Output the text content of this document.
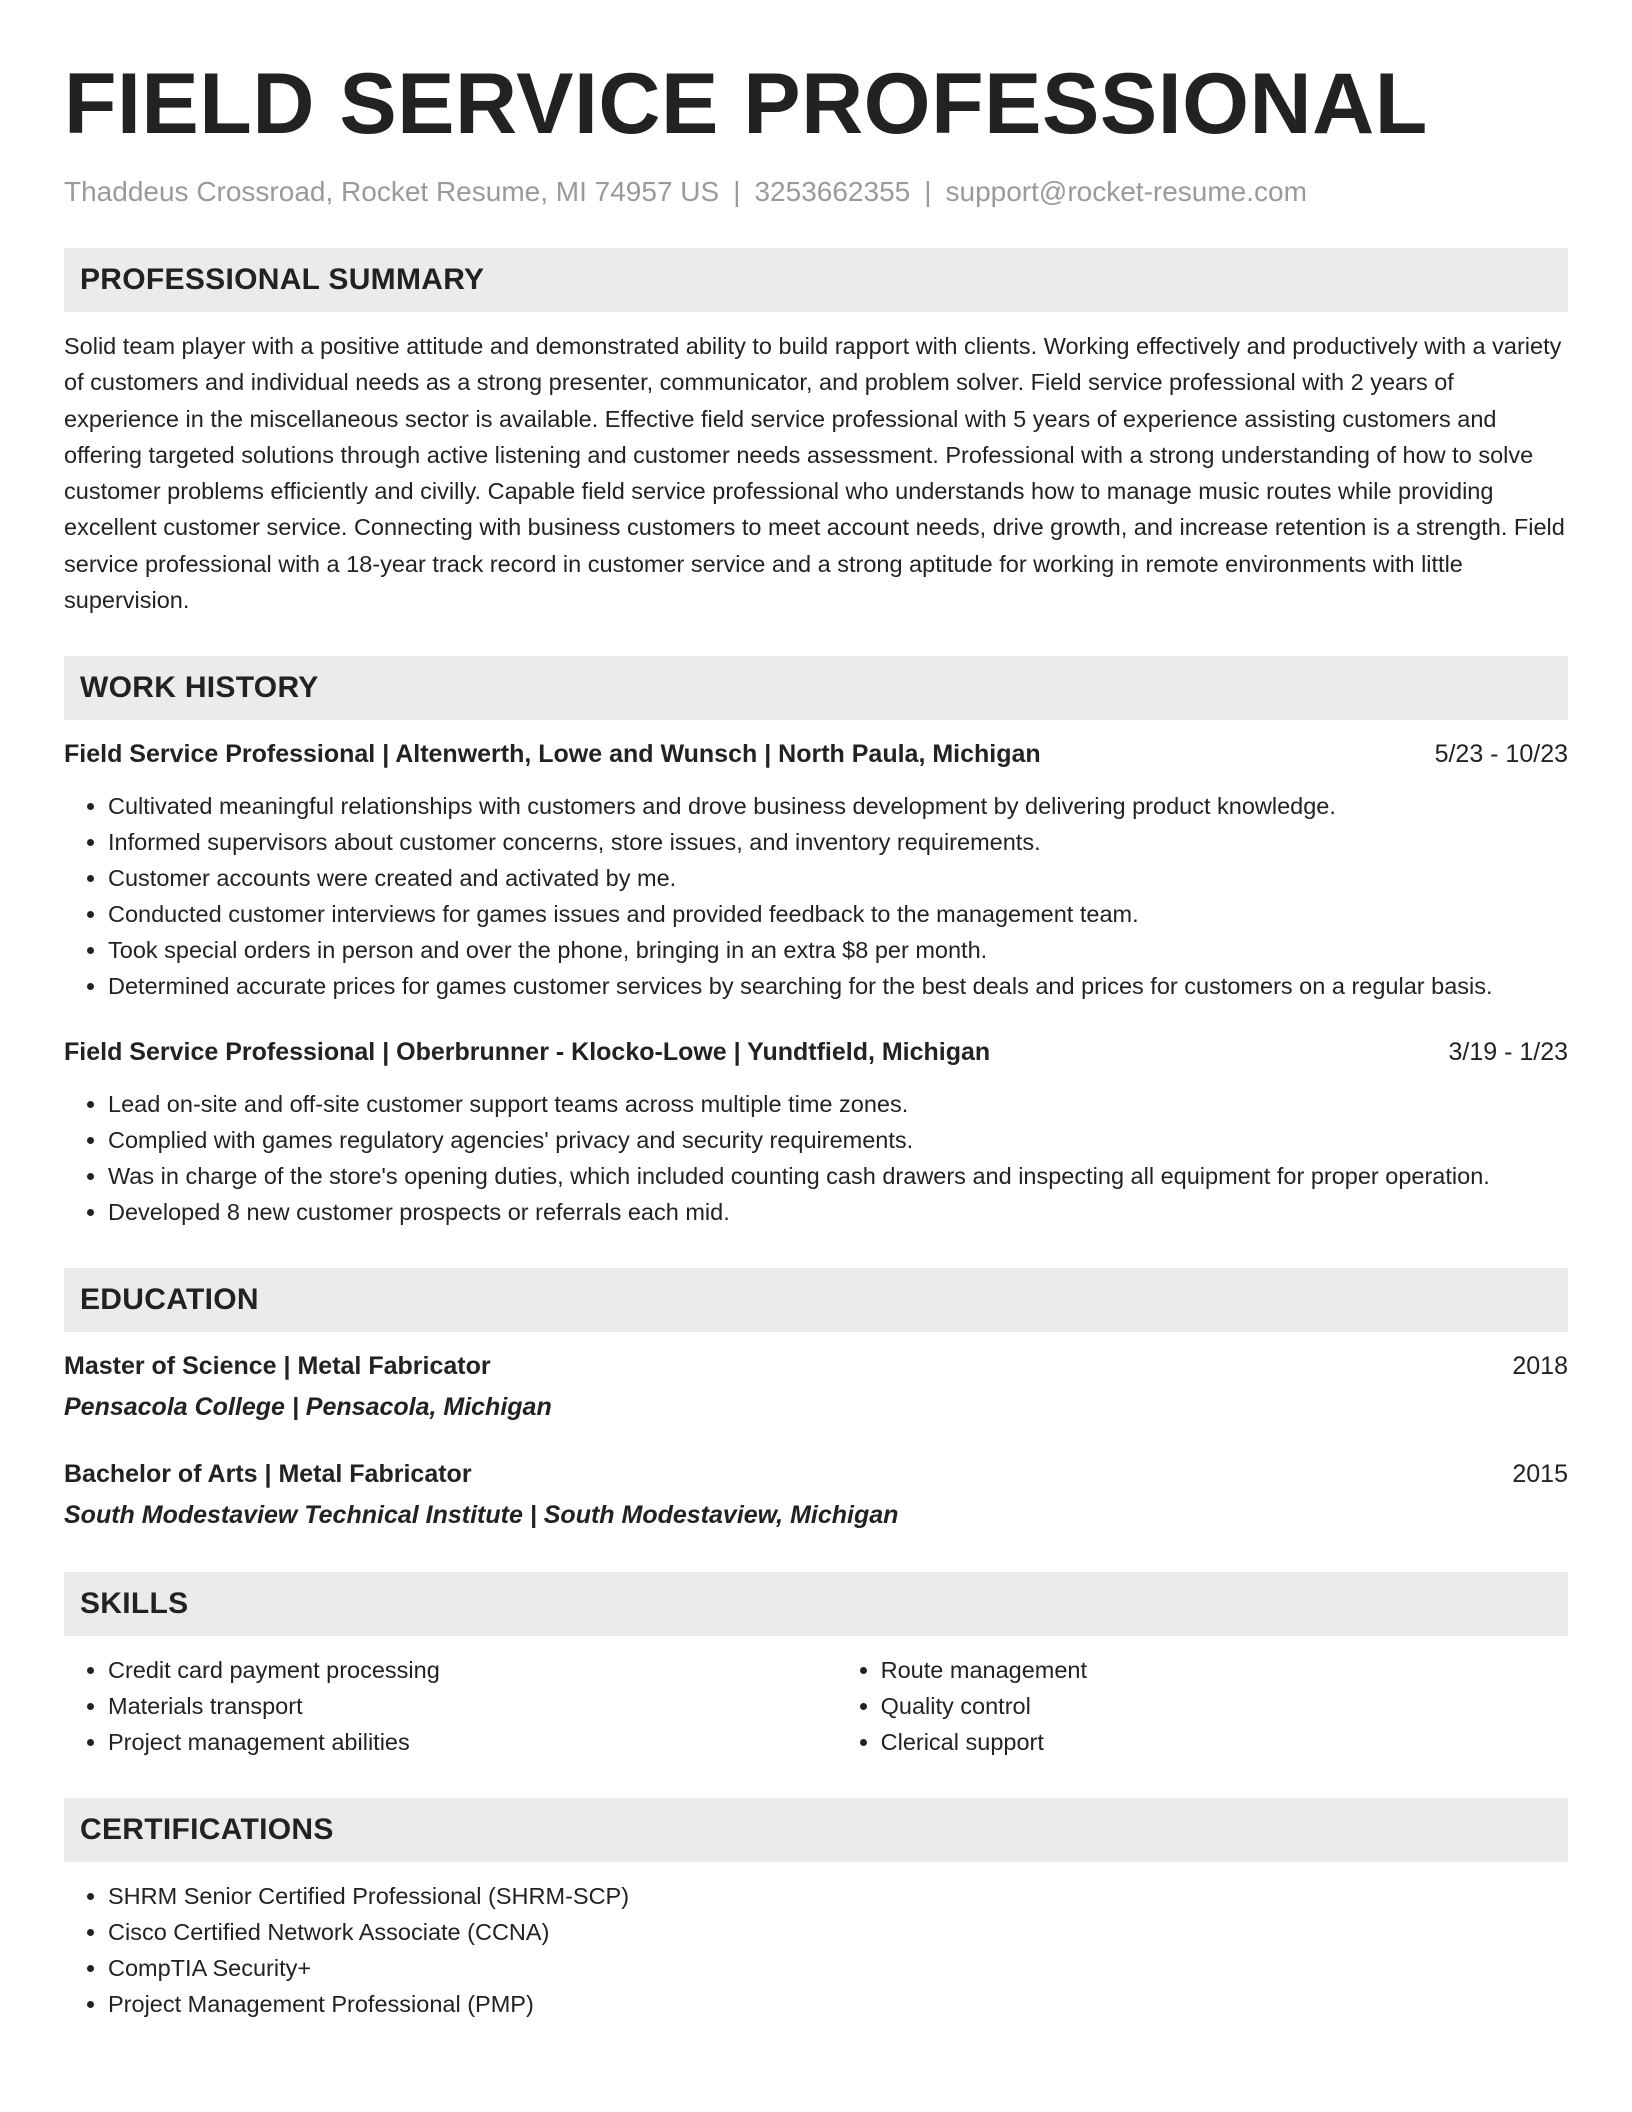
FIELD SERVICE PROFESSIONAL
Thaddeus Crossroad, Rocket Resume, MI 74957 US | 3253662355 | support@rocket-resume.com
PROFESSIONAL SUMMARY
Solid team player with a positive attitude and demonstrated ability to build rapport with clients. Working effectively and productively with a variety of customers and individual needs as a strong presenter, communicator, and problem solver. Field service professional with 2 years of experience in the miscellaneous sector is available. Effective field service professional with 5 years of experience assisting customers and offering targeted solutions through active listening and customer needs assessment. Professional with a strong understanding of how to solve customer problems efficiently and civilly. Capable field service professional who understands how to manage music routes while providing excellent customer service. Connecting with business customers to meet account needs, drive growth, and increase retention is a strength. Field service professional with a 18-year track record in customer service and a strong aptitude for working in remote environments with little supervision.
WORK HISTORY
Field Service Professional | Altenwerth, Lowe and Wunsch | North Paula, Michigan	5/23 - 10/23
• Cultivated meaningful relationships with customers and drove business development by delivering product knowledge.
• Informed supervisors about customer concerns, store issues, and inventory requirements.
• Customer accounts were created and activated by me.
• Conducted customer interviews for games issues and provided feedback to the management team.
• Took special orders in person and over the phone, bringing in an extra $8 per month.
• Determined accurate prices for games customer services by searching for the best deals and prices for customers on a regular basis.
Field Service Professional | Oberbrunner - Klocko-Lowe | Yundtfield, Michigan	3/19 - 1/23
• Lead on-site and off-site customer support teams across multiple time zones.
• Complied with games regulatory agencies' privacy and security requirements.
• Was in charge of the store's opening duties, which included counting cash drawers and inspecting all equipment for proper operation.
• Developed 8 new customer prospects or referrals each mid.
EDUCATION
Master of Science | Metal Fabricator	2018
Pensacola College | Pensacola, Michigan
Bachelor of Arts | Metal Fabricator	2015
South Modestaview Technical Institute | South Modestaview, Michigan
SKILLS
• Credit card payment processing
• Materials transport
• Project management abilities
• Route management
• Quality control
• Clerical support
CERTIFICATIONS
• SHRM Senior Certified Professional (SHRM-SCP)
• Cisco Certified Network Associate (CCNA)
• CompTIA Security+
• Project Management Professional (PMP)
